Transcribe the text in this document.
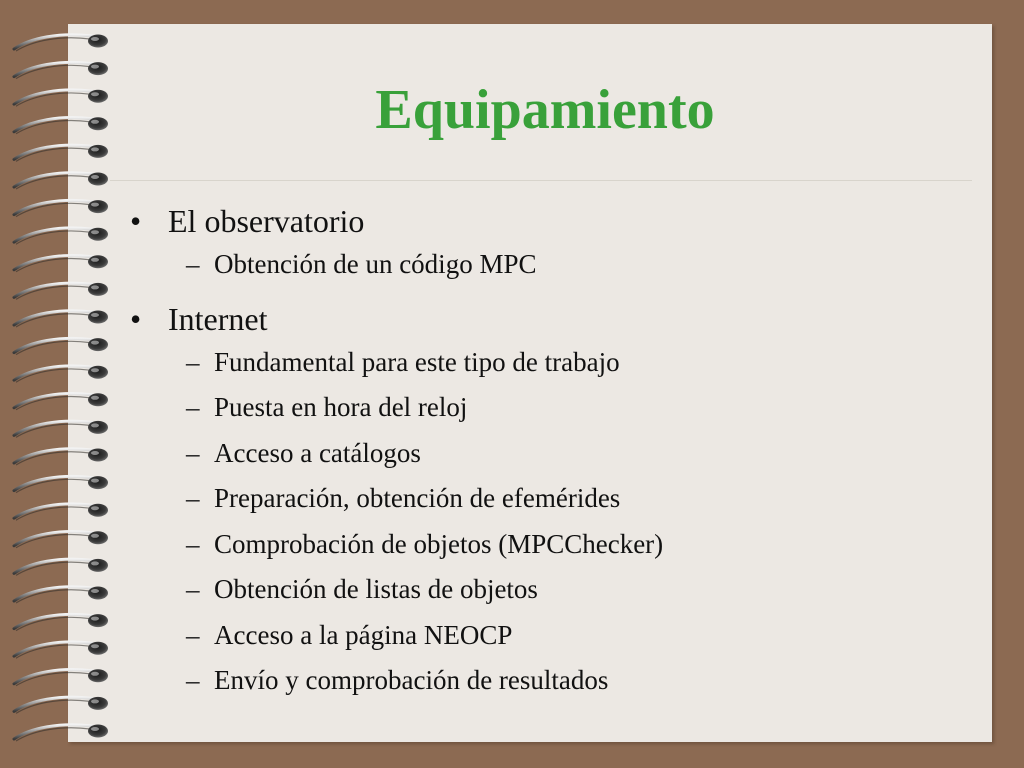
Equipamiento
• El observatorio
– Obtención de un código MPC
• Internet
– Fundamental para este tipo de trabajo
– Puesta en hora del reloj
– Acceso a catálogos
– Preparación, obtención de efemérides
– Comprobación de objetos (MPCChecker)
– Obtención de listas de objetos
– Acceso a la página NEOCP
– Envío y comprobación de resultados
